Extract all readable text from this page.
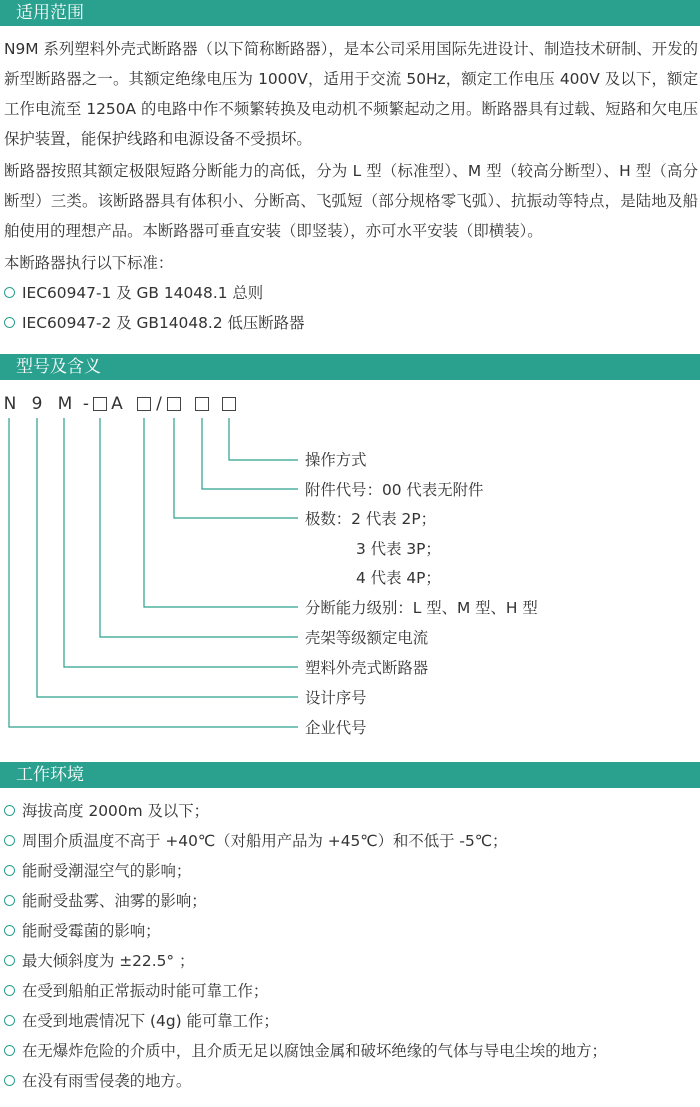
适用范围

N9M 系列塑料外壳式断路器（以下简称断路器），是本公司采用国际先进设计、制造技术研制、开发的新型断路器之一。其额定绝缘电压为 1000V，适用于交流 50Hz，额定工作电压 400V 及以下，额定工作电流至 1250A 的电路中作不频繁转换及电动机不频繁起动之用。断路器具有过载、短路和欠电压保护装置，能保护线路和电源设备不受损坏。

断路器按照其额定极限短路分断能力的高低，分为 L 型（标准型）、M 型（较高分断型）、H 型（高分断型）三类。该断路器具有体积小、分断高、飞弧短（部分规格零飞弧）、抗振动等特点，是陆地及船舶使用的理想产品。本断路器可垂直安装（即竖装），亦可水平安装（即横装）。

本断路器执行以下标准：
IEC60947-1 及 GB 14048.1 总则
IEC60947-2 及 GB14048.2 低压断路器
型号及含义
N 9 M -	A	/
操作方式
附件代号：00 代表无附件
极数：2 代表 2P；
3 代表 3P；
4 代表 4P；
分断能力级别：L 型、M 型、H 型
壳架等级额定电流
塑料外壳式断路器
设计序号
企业代号
工作环境
海拔高度 2000m 及以下；
周围介质温度不高于 +40℃（对船用产品为 +45℃）和不低于 -5℃；
能耐受潮湿空气的影响；
能耐受盐雾、油雾的影响；
能耐受霉菌的影响；
最大倾斜度为 ±22.5° ；
在受到船舶正常振动时能可靠工作；
在受到地震情况下 (4g) 能可靠工作；
在无爆炸危险的介质中，且介质无足以腐蚀金属和破坏绝缘的气体与导电尘埃的地方；
在没有雨雪侵袭的地方。
